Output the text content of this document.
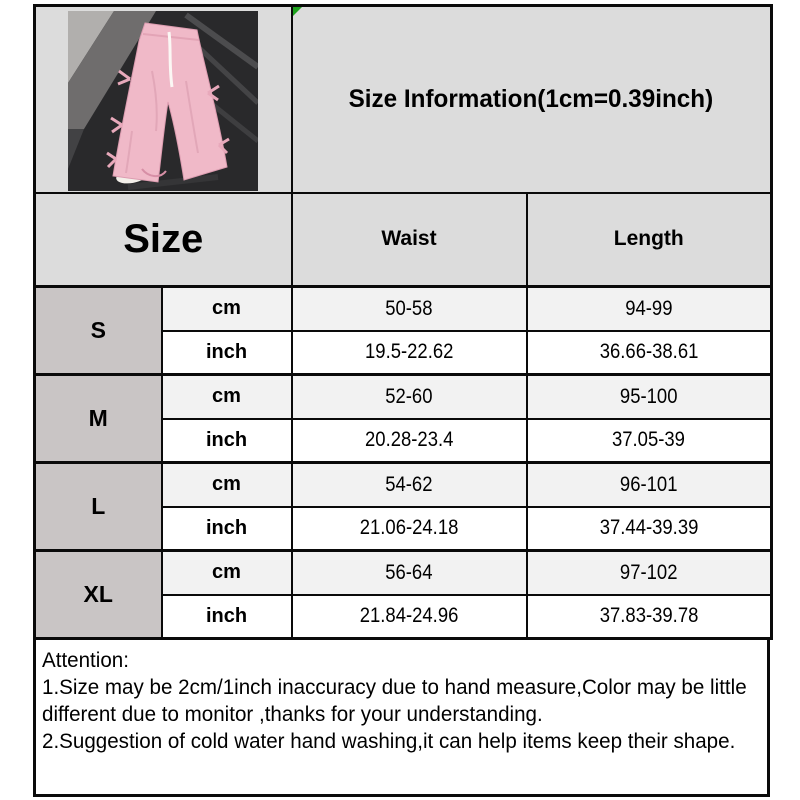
Size Information(1cm=0.39inch)	
Size		Waist	Length
S	cm	50-58	94-99
	inch	19.5-22.62	36.66-38.61
M	cm	52-60	95-100
	inch	20.28-23.4	37.05-39
L	cm	54-62	96-101
	inch	21.06-24.18	37.44-39.39
XL	cm	56-64	97-102
	inch	21.84-24.96	37.83-39.78
Attention:
1.Size may be 2cm/1inch inaccuracy due to hand measure,Color may be little
different due to monitor ,thanks for your understanding.
2.Suggestion of cold water hand washing,it can help items keep their shape.
